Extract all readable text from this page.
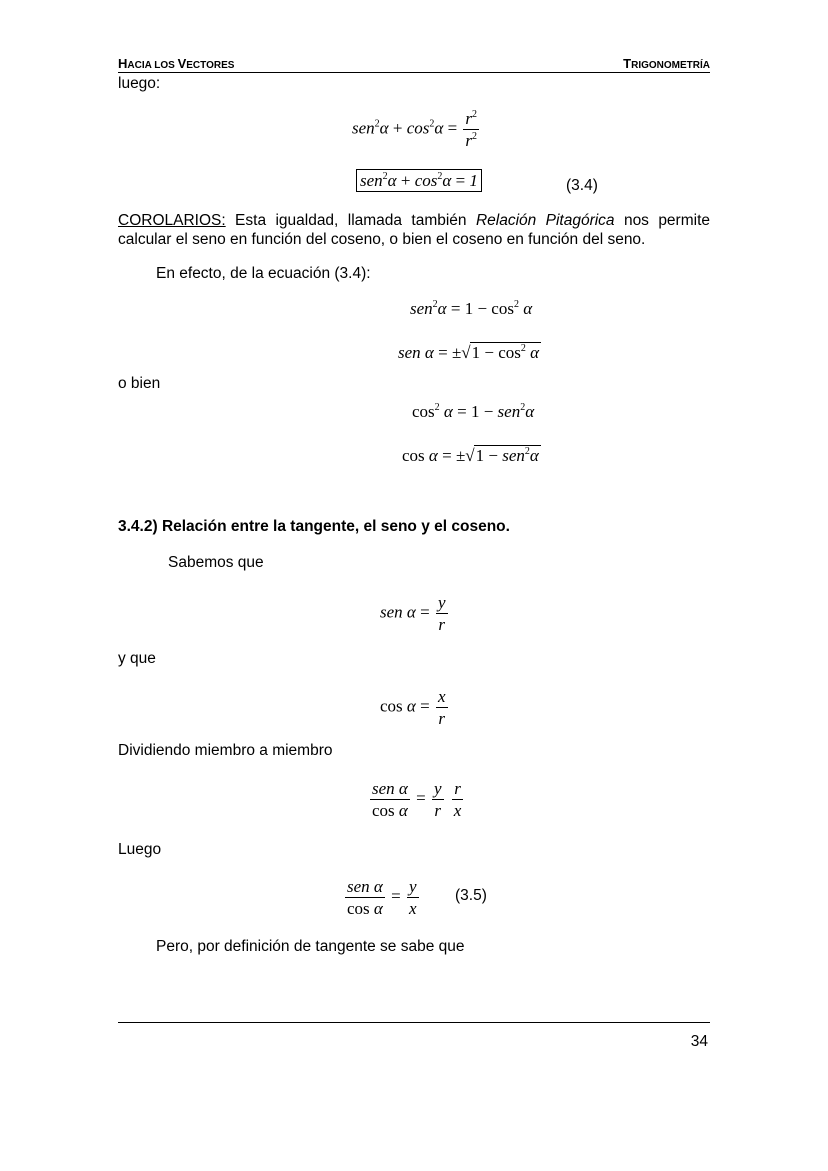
HACIA LOS VECTORES	TRIGONOMETRÍA
luego:
$sen^2\alpha + \cos^2\alpha = \frac{r^2}{r^2}$
$sen^2\alpha + \cos^2\alpha = 1$	(3.4)
COROLARIOS: Esta igualdad, llamada también Relación Pitagórica nos permite
calcular el seno en función del coseno, o bien el coseno en función del seno.
En efecto, de la ecuación (3.4):
$sen^2\alpha = 1 - \cos^2 \alpha$
sen $\alpha = \pm√1 - \cos^2 \alpha$
o bien
$\cos^2 \alpha = 1 - sen^2\alpha$
cos α = ±√1 − sen$^2$α
3.4.2) Relación entre la tangente, el seno y el coseno.
Sabemos que
sen $\alpha = \frac{y}{r}$
y que
$\cos \alpha = \frac{x}{r}$
Dividiendo miembro a miembro
$\frac{\text{sen α}}{\text{cos α}} = \frac{y}{r}$
$\frac{r}{x}$
Luego
$\frac{\text{sen α}}{\text{cos α}} = \frac{y}{x} (3.5)$
Pero, por definición de tangente se sabe que
34
